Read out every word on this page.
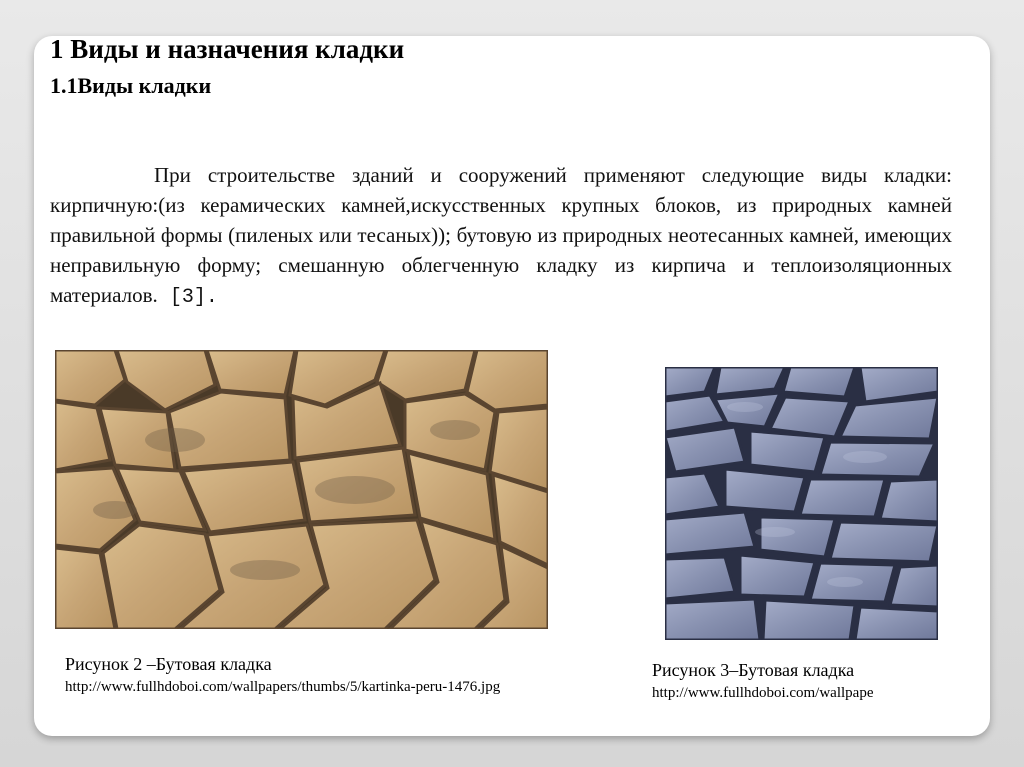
1 Виды и назначения кладки
1.1Виды кладки
При строительстве зданий и сооружений применяют следующие виды кладки: кирпичную:(из керамических камней,искусственных крупных блоков, из природных камней правильной формы (пиленых или тесаных)); бутовую из природных неотесанных камней, имеющих неправильную форму; смешанную облегченную кладку из кирпича и теплоизоляционных материалов. [3].
Рисунок 2 –Бутовая кладка
http://www.fullhdoboi.com/wallpapers/thumbs/5/kartinka-peru-1476.jpg
Рисунок 3–Бутовая кладка
http://www.fullhdoboi.com/wallpape
